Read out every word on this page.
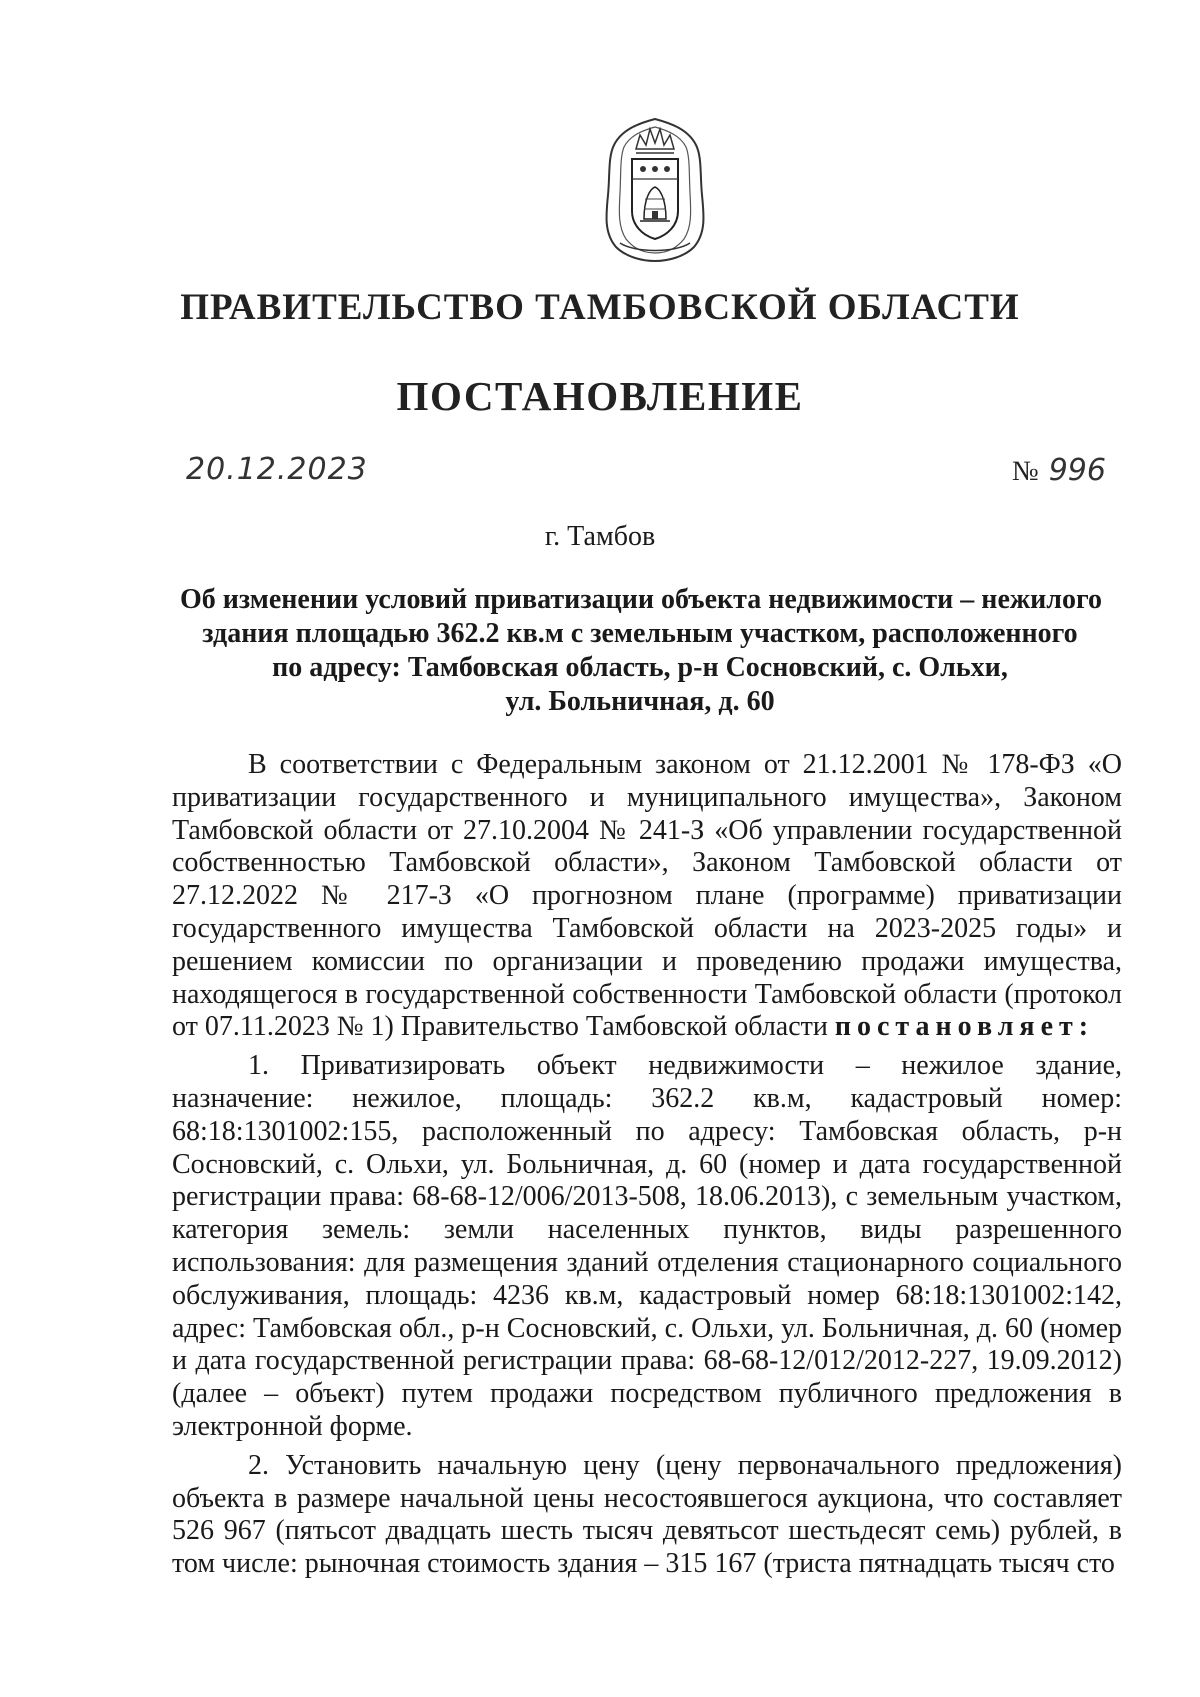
ПРАВИТЕЛЬСТВО ТАМБОВСКОЙ ОБЛАСТИ
ПОСТАНОВЛЕНИЕ
20.12.2023	№ 996
г. Тамбов
Об изменении условий приватизации объекта недвижимости – нежилого
здания площадью 362.2 кв.м с земельным участком, расположенного
по адресу: Тамбовская область, р-н Сосновский, с. Ольхи,
ул. Больничная, д. 60

В соответствии с Федеральным законом от 21.12.2001 № 178-ФЗ «О приватизации государственного и муниципального имущества», Законом Тамбовской области от 27.10.2004 № 241-З «Об управлении государственной собственностью Тамбовской области», Законом Тамбовской области от 27.12.2022 № 217-З «О прогнозном плане (программе) приватизации государственного имущества Тамбовской области на 2023-2025 годы» и решением комиссии по организации и проведению продажи имущества, находящегося в государственной собственности Тамбовской области (протокол от 07.11.2023 № 1) Правительство Тамбовской области постановляет:

1. Приватизировать объект недвижимости – нежилое здание, назначение: нежилое, площадь: 362.2 кв.м, кадастровый номер: 68:18:1301002:155, расположенный по адресу: Тамбовская область, р-н Сосновский, с. Ольхи, ул. Больничная, д. 60 (номер и дата государственной регистрации права: 68-68-12/006/2013-508, 18.06.2013), с земельным участком, категория земель: земли населенных пунктов, виды разрешенного использования: для размещения зданий отделения стационарного социального обслуживания, площадь: 4236 кв.м, кадастровый номер 68:18:1301002:142, адрес: Тамбовская обл., р-н Сосновский, с. Ольхи, ул. Больничная, д. 60 (номер и дата государственной регистрации права: 68-68-12/012/2012-227, 19.09.2012) (далее – объект) путем продажи посредством публичного предложения в электронной форме.

2. Установить начальную цену (цену первоначального предложения) объекта в размере начальной цены несостоявшегося аукциона, что составляет 526 967 (пятьсот двадцать шесть тысяч девятьсот шестьдесят семь) рублей, в том числе: рыночная стоимость здания – 315 167 (триста пятнадцать тысяч сто
